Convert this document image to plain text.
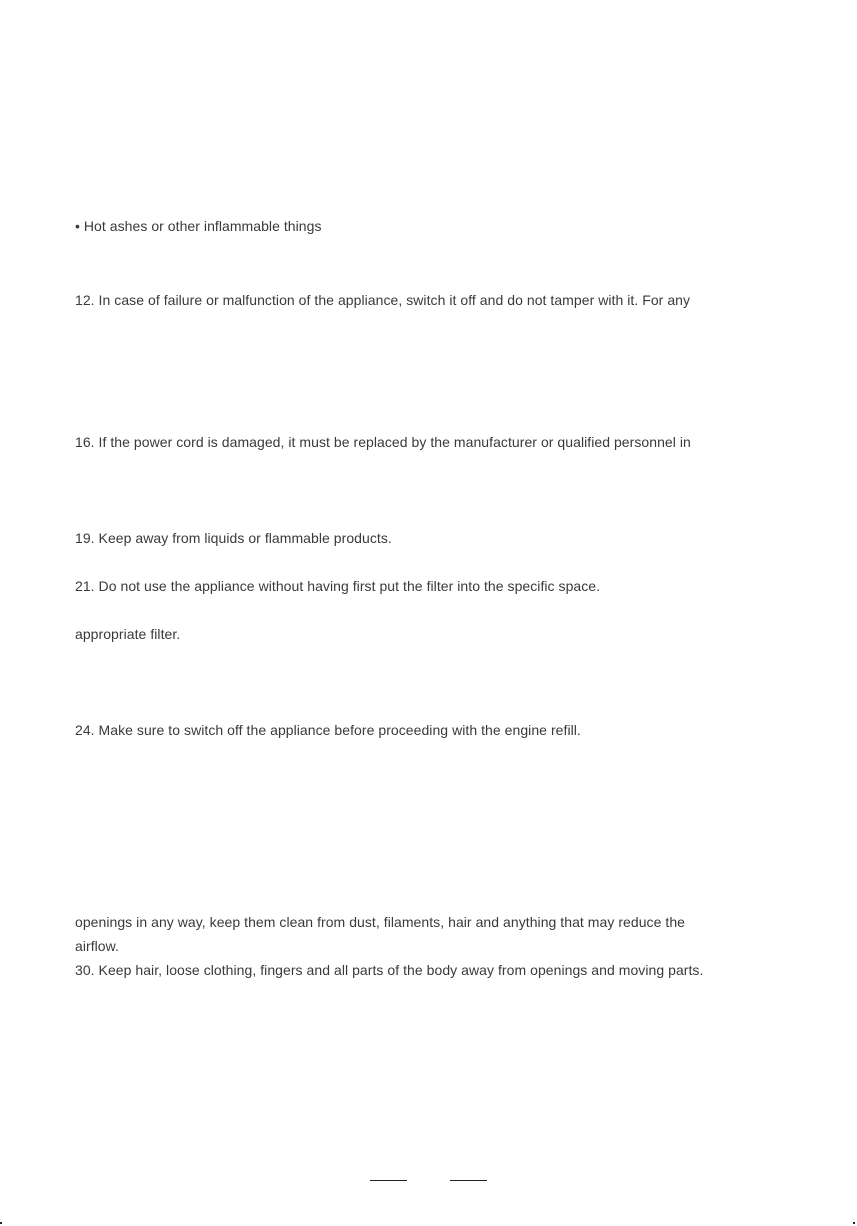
• Hot ashes or other inflammable things
12. In case of failure or malfunction of the appliance, switch it off and do not tamper with it. For any
16. If the power cord is damaged, it must be replaced by the manufacturer or qualified personnel in
19. Keep away from liquids or flammable products.
21. Do not use the appliance without having first put the filter into the specific space.
appropriate filter.
24. Make sure to switch off the appliance before proceeding with the engine refill.
openings in any way, keep them clean from dust, filaments, hair and anything that may reduce the
airflow.
30. Keep hair, loose clothing, fingers and all parts of the body away from openings and moving parts.
